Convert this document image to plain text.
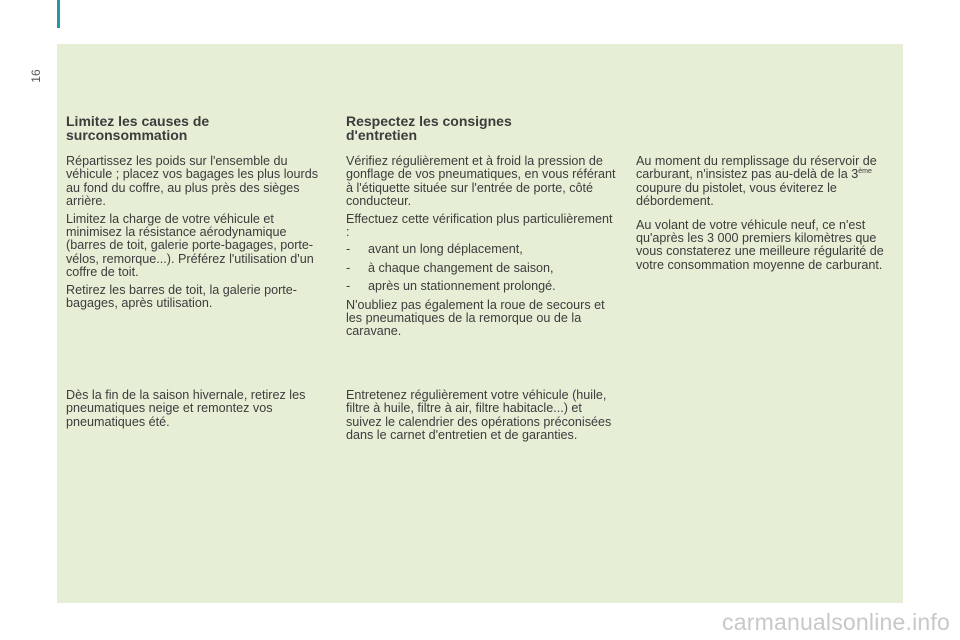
16
Limitez les causes de
surconsommation

Répartissez les poids sur l'ensemble du véhicule ; placez vos bagages les plus lourds au fond du coffre, au plus près des sièges arrière.

Limitez la charge de votre véhicule et minimisez la résistance aérodynamique (barres de toit, galerie porte-bagages, porte-vélos, remorque...). Préférez l'utilisation d'un coffre de toit.

Retirez les barres de toit, la galerie porte-bagages, après utilisation.

Dès la fin de la saison hivernale, retirez les pneumatiques neige et remontez vos pneumatiques été.

Respectez les consignes
d'entretien

Vérifiez régulièrement et à froid la pression de gonflage de vos pneumatiques, en vous référant à l'étiquette située sur l'entrée de porte, côté conducteur.

Effectuez cette vérification plus particulièrement :

-	avant un long déplacement,
-	à chaque changement de saison,
-	après un stationnement prolongé.

N'oubliez pas également la roue de secours et les pneumatiques de la remorque ou de la caravane.

Entretenez régulièrement votre véhicule (huile, filtre à huile, filtre à air, filtre habitacle...) et suivez le calendrier des opérations préconisées dans le carnet d'entretien et de garanties.

Au moment du remplissage du réservoir de carburant, n'insistez pas au-delà de la 3ème coupure du pistolet, vous éviterez le débordement.

Au volant de votre véhicule neuf, ce n'est qu'après les 3 000 premiers kilomètres que vous constaterez une meilleure régularité de votre consommation moyenne de carburant.

carmanualsonline.info
